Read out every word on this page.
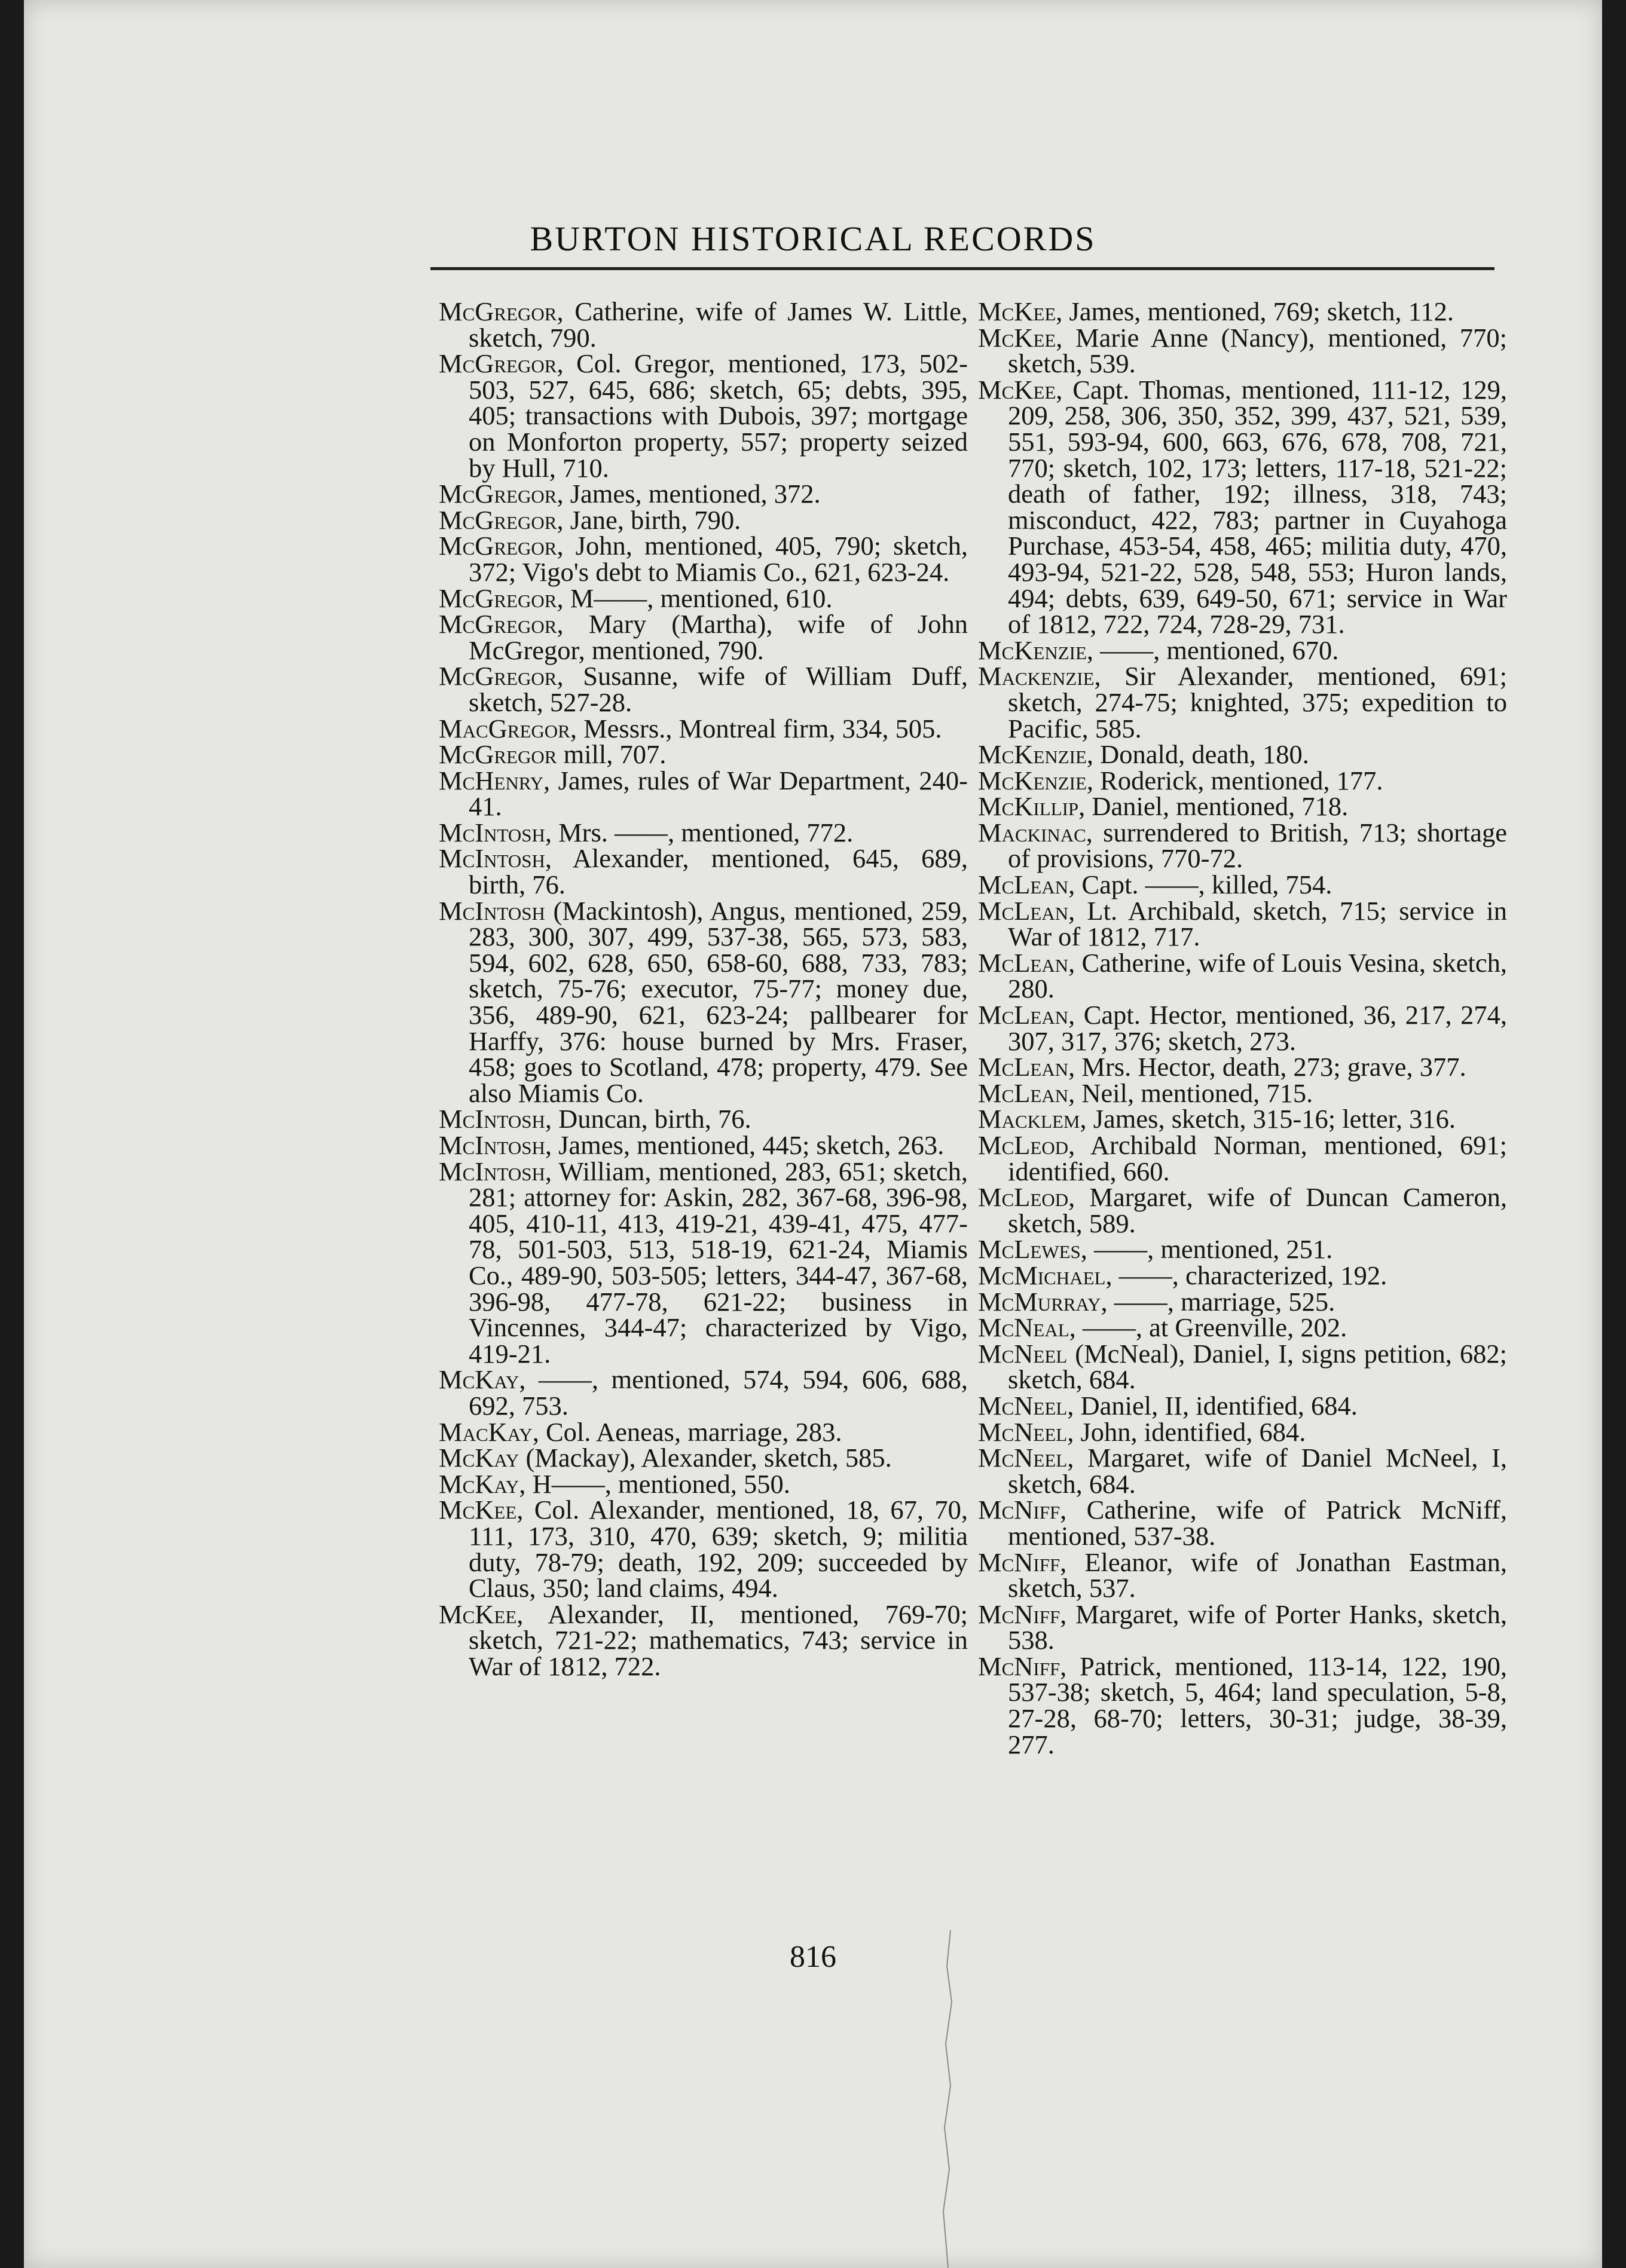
BURTON HISTORICAL RECORDS

McGregor, Catherine, wife of James W. Little, sketch, 790.

McGregor, Col. Gregor, mentioned, 173, 502-503, 527, 645, 686; sketch, 65; debts, 395, 405; transactions with Dubois, 397; mortgage on Monforton property, 557; property seized by Hull, 710.

McGregor, James, mentioned, 372.

McGregor, Jane, birth, 790.

McGregor, John, mentioned, 405, 790; sketch, 372; Vigo's debt to Miamis Co., 621, 623-24.

McGregor, M——, mentioned, 610.

McGregor, Mary (Martha), wife of John McGregor, mentioned, 790.

McGregor, Susanne, wife of William Duff, sketch, 527-28.

MacGregor, Messrs., Montreal firm, 334, 505.

McGregor mill, 707.

McHenry, James, rules of War Department, 240-41.

McIntosh, Mrs. ——, mentioned, 772.

McIntosh, Alexander, mentioned, 645, 689, birth, 76.

McIntosh (Mackintosh), Angus, mentioned, 259, 283, 300, 307, 499, 537-38, 565, 573, 583, 594, 602, 628, 650, 658-60, 688, 733, 783; sketch, 75-76; executor, 75-77; money due, 356, 489-90, 621, 623-24; pallbearer for Harffy, 376: house burned by Mrs. Fraser, 458; goes to Scotland, 478; property, 479. See also Miamis Co.

McIntosh, Duncan, birth, 76.

McIntosh, James, mentioned, 445; sketch, 263.

McIntosh, William, mentioned, 283, 651; sketch, 281; attorney for: Askin, 282, 367-68, 396-98, 405, 410-11, 413, 419-21, 439-41, 475, 477-78, 501-503, 513, 518-19, 621-24, Miamis Co., 489-90, 503-505; letters, 344-47, 367-68, 396-98, 477-78, 621-22; business in Vincennes, 344-47; characterized by Vigo, 419-21.

McKay, ——, mentioned, 574, 594, 606, 688, 692, 753.

MacKay, Col. Aeneas, marriage, 283.

McKay (Mackay), Alexander, sketch, 585.

McKay, H——, mentioned, 550.

McKee, Col. Alexander, mentioned, 18, 67, 70, 111, 173, 310, 470, 639; sketch, 9; militia duty, 78-79; death, 192, 209; succeeded by Claus, 350; land claims, 494.

McKee, Alexander, II, mentioned, 769-70; sketch, 721-22; mathematics, 743; service in War of 1812, 722.

McKee, James, mentioned, 769; sketch, 112.

McKee, Marie Anne (Nancy), mentioned, 770; sketch, 539.

McKee, Capt. Thomas, mentioned, 111-12, 129, 209, 258, 306, 350, 352, 399, 437, 521, 539, 551, 593-94, 600, 663, 676, 678, 708, 721, 770; sketch, 102, 173; letters, 117-18, 521-22; death of father, 192; illness, 318, 743; misconduct, 422, 783; partner in Cuyahoga Purchase, 453-54, 458, 465; militia duty, 470, 493-94, 521-22, 528, 548, 553; Huron lands, 494; debts, 639, 649-50, 671; service in War of 1812, 722, 724, 728-29, 731.

McKenzie, ——, mentioned, 670.

Mackenzie, Sir Alexander, mentioned, 691; sketch, 274-75; knighted, 375; expedition to Pacific, 585.

McKenzie, Donald, death, 180.

McKenzie, Roderick, mentioned, 177.

McKillip, Daniel, mentioned, 718.

Mackinac, surrendered to British, 713; shortage of provisions, 770-72.

McLean, Capt. ——, killed, 754.

McLean, Lt. Archibald, sketch, 715; service in War of 1812, 717.

McLean, Catherine, wife of Louis Vesina, sketch, 280.

McLean, Capt. Hector, mentioned, 36, 217, 274, 307, 317, 376; sketch, 273.

McLean, Mrs. Hector, death, 273; grave, 377.

McLean, Neil, mentioned, 715.

Macklem, James, sketch, 315-16; letter, 316.

McLeod, Archibald Norman, mentioned, 691; identified, 660.

McLeod, Margaret, wife of Duncan Cameron, sketch, 589.

McLewes, ——, mentioned, 251.

McMichael, ——, characterized, 192.

McMurray, ——, marriage, 525.

McNeal, ——, at Greenville, 202.

McNeel (McNeal), Daniel, I, signs petition, 682; sketch, 684.

McNeel, Daniel, II, identified, 684.

McNeel, John, identified, 684.

McNeel, Margaret, wife of Daniel McNeel, I, sketch, 684.

McNiff, Catherine, wife of Patrick McNiff, mentioned, 537-38.

McNiff, Eleanor, wife of Jonathan Eastman, sketch, 537.

McNiff, Margaret, wife of Porter Hanks, sketch, 538.

McNiff, Patrick, mentioned, 113-14, 122, 190, 537-38; sketch, 5, 464; land speculation, 5-8, 27-28, 68-70; letters, 30-31; judge, 38-39, 277.

816
